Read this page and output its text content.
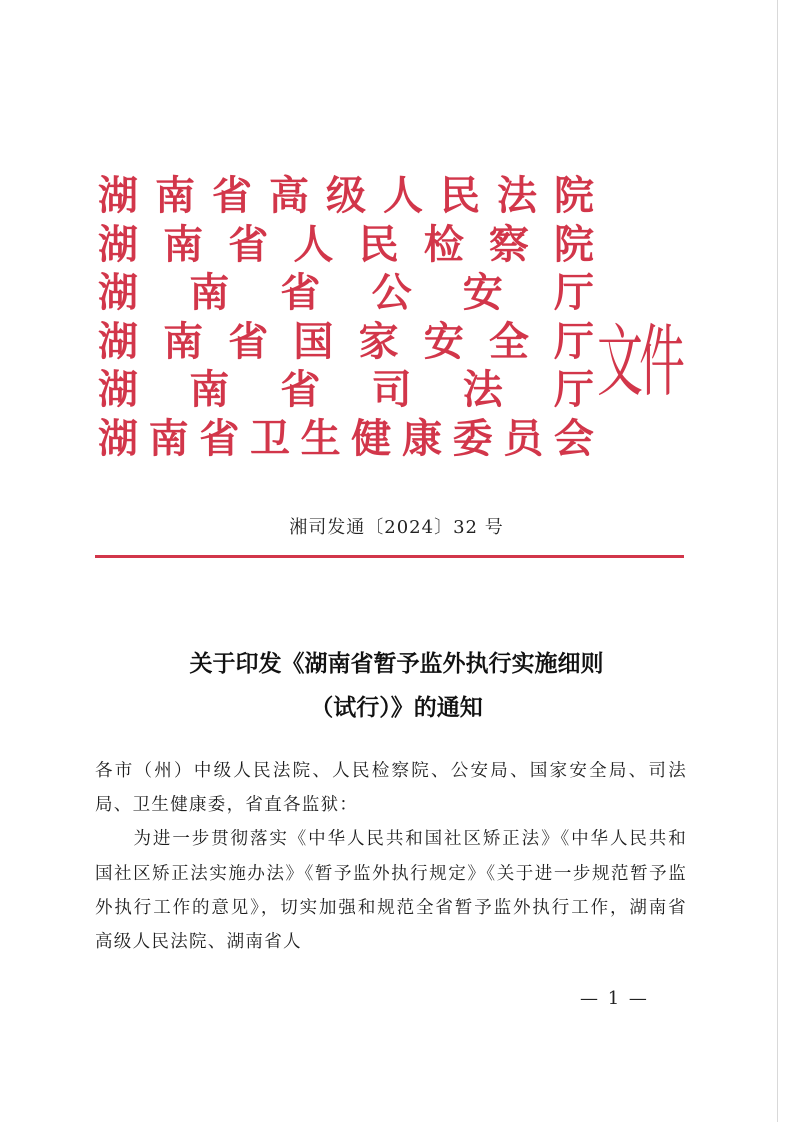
湖 南 省 高 级 人 民 法 院
湖 南 省 人 民 检 察 院
湖 南 省 公 安 厅
湖 南 省 国 家 安 全 厅
湖 南 省 司 法 厅
湖 南 省 卫 生 健 康 委 员 会
文件
湘司发通〔2024〕32 号
关于印发《湖南省暂予监外执行实施细则
（试行）》的通知

各市（州）中级人民法院、人民检察院、公安局、国家安全局、司法局、卫生健康委，省直各监狱：

为进一步贯彻落实《中华人民共和国社区矫正法》《中华人民共和国社区矫正法实施办法》《暂予监外执行规定》《关于进一步规范暂予监外执行工作的意见》，切实加强和规范全省暂予监外执行工作，湖南省高级人民法院、湖南省人

— 1 —
